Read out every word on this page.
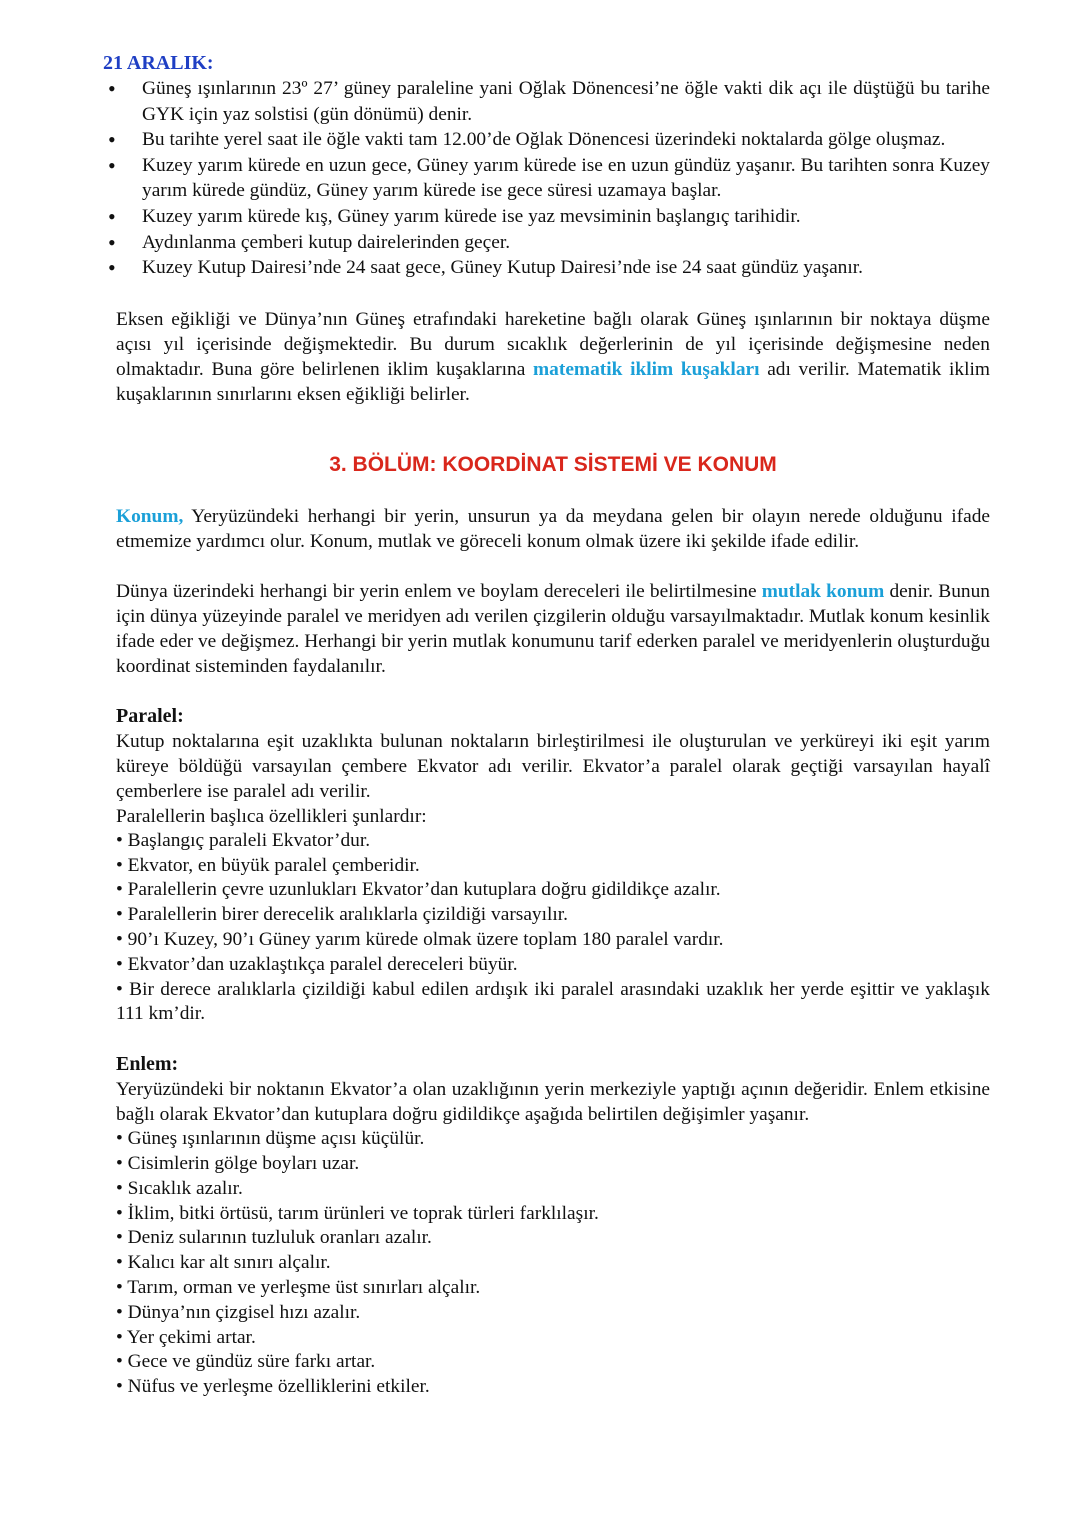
21 ARALIK:
• Güneş ışınlarının 23º 27’ güney paraleline yani Oğlak Dönencesi’ne öğle vakti dik açı ile düştüğü bu tarihe GYK için yaz solstisi (gün dönümü) denir.
• Bu tarihte yerel saat ile öğle vakti tam 12.00’de Oğlak Dönencesi üzerindeki noktalarda gölge oluşmaz.
• Kuzey yarım kürede en uzun gece, Güney yarım kürede ise en uzun gündüz yaşanır. Bu tarihten sonra Kuzey yarım kürede gündüz, Güney yarım kürede ise gece süresi uzamaya başlar.
• Kuzey yarım kürede kış, Güney yarım kürede ise yaz mevsiminin başlangıç tarihidir.
• Aydınlanma çemberi kutup dairelerinden geçer.
• Kuzey Kutup Dairesi’nde 24 saat gece, Güney Kutup Dairesi’nde ise 24 saat gündüz yaşanır.

Eksen eğikliği ve Dünya’nın Güneş etrafındaki hareketine bağlı olarak Güneş ışınlarının bir noktaya düşme açısı yıl içerisinde değişmektedir. Bu durum sıcaklık değerlerinin de yıl içerisinde değişmesine neden olmaktadır. Buna göre belirlenen iklim kuşaklarına matematik iklim kuşakları adı verilir. Matematik iklim kuşaklarının sınırlarını eksen eğikliği belirler.

3. BÖLÜM: KOORDİNAT SİSTEMİ VE KONUM

Konum, Yeryüzündeki herhangi bir yerin, unsurun ya da meydana gelen bir olayın nerede olduğunu ifade etmemize yardımcı olur. Konum, mutlak ve göreceli konum olmak üzere iki şekilde ifade edilir.

Dünya üzerindeki herhangi bir yerin enlem ve boylam dereceleri ile belirtilmesine mutlak konum denir. Bunun için dünya yüzeyinde paralel ve meridyen adı verilen çizgilerin olduğu varsayılmaktadır. Mutlak konum kesinlik ifade eder ve değişmez. Herhangi bir yerin mutlak konumunu tarif ederken paralel ve meridyenlerin oluşturduğu koordinat sisteminden faydalanılır.

Paralel:

Kutup noktalarına eşit uzaklıkta bulunan noktaların birleştirilmesi ile oluşturulan ve yerküreyi iki eşit yarım küreye böldüğü varsayılan çembere Ekvator adı verilir. Ekvator’a paralel olarak geçtiği varsayılan hayalî çemberlere ise paralel adı verilir.

Paralellerin başlıca özellikleri şunlardır:

• Başlangıç paraleli Ekvator’dur.

• Ekvator, en büyük paralel çemberidir.

• Paralellerin çevre uzunlukları Ekvator’dan kutuplara doğru gidildikçe azalır.

• Paralellerin birer derecelik aralıklarla çizildiği varsayılır.

• 90’ı Kuzey, 90’ı Güney yarım kürede olmak üzere toplam 180 paralel vardır.

• Ekvator’dan uzaklaştıkça paralel dereceleri büyür.

• Bir derece aralıklarla çizildiği kabul edilen ardışık iki paralel arasındaki uzaklık her yerde eşittir ve yaklaşık 111 km’dir.

Enlem:

Yeryüzündeki bir noktanın Ekvator’a olan uzaklığının yerin merkeziyle yaptığı açının değeridir. Enlem etkisine bağlı olarak Ekvator’dan kutuplara doğru gidildikçe aşağıda belirtilen değişimler yaşanır.

• Güneş ışınlarının düşme açısı küçülür.

• Cisimlerin gölge boyları uzar.

• Sıcaklık azalır.

• İklim, bitki örtüsü, tarım ürünleri ve toprak türleri farklılaşır.

• Deniz sularının tuzluluk oranları azalır.

• Kalıcı kar alt sınırı alçalır.

• Tarım, orman ve yerleşme üst sınırları alçalır.

• Dünya’nın çizgisel hızı azalır.

• Yer çekimi artar.

• Gece ve gündüz süre farkı artar.

• Nüfus ve yerleşme özelliklerini etkiler.
